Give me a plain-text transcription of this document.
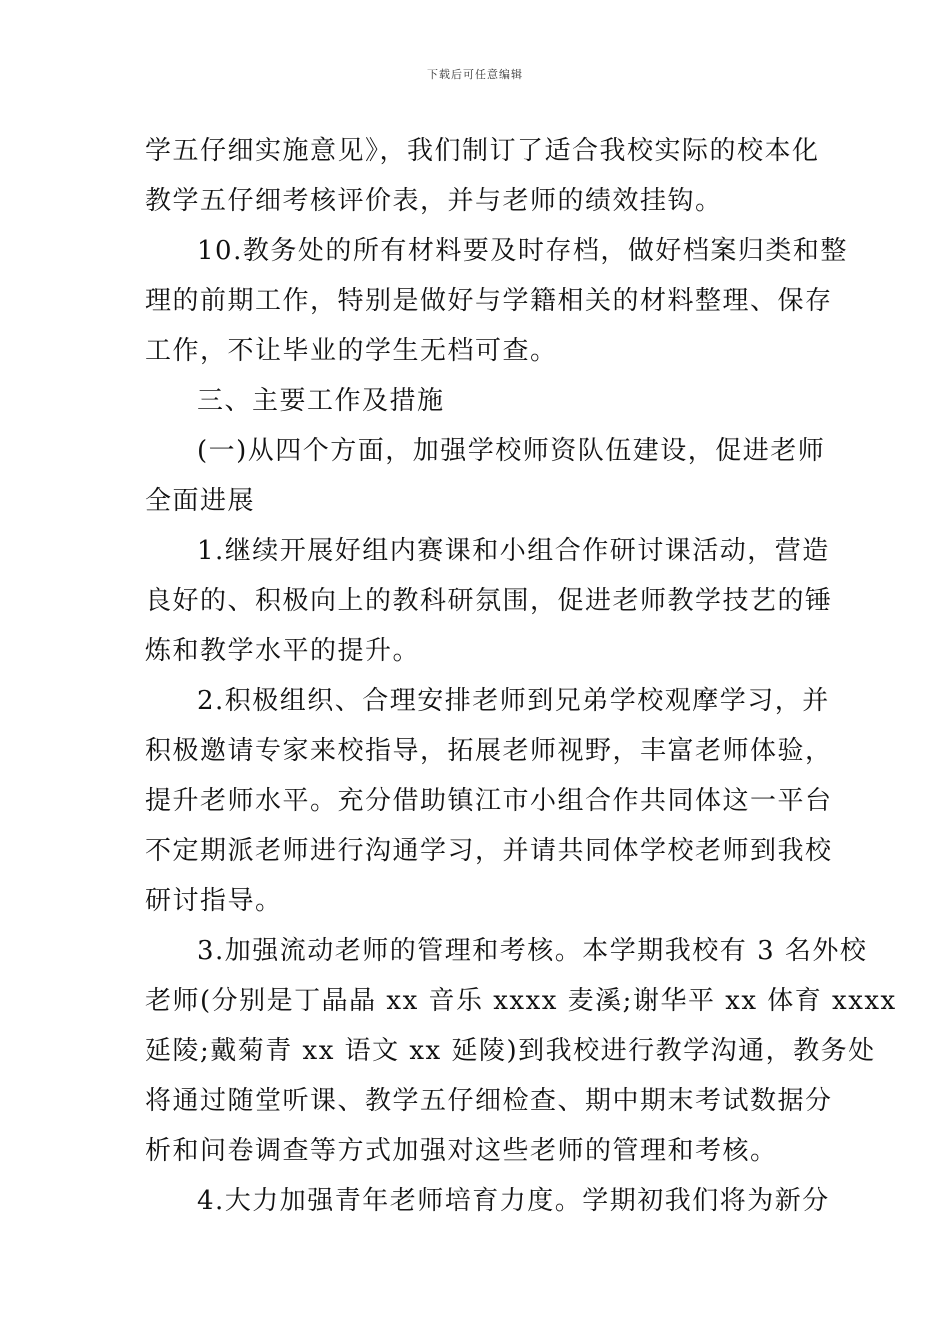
下载后可任意编辑
学五仔细实施意见》，我们制订了适合我校实际的校本化
教学五仔细考核评价表，并与老师的绩效挂钩。
10.教务处的所有材料要及时存档，做好档案归类和整
理的前期工作，特别是做好与学籍相关的材料整理、保存
工作，不让毕业的学生无档可查。
三、主要工作及措施
(一)从四个方面，加强学校师资队伍建设，促进老师
全面进展
1.继续开展好组内赛课和小组合作研讨课活动，营造
良好的、积极向上的教科研氛围，促进老师教学技艺的锤
炼和教学水平的提升。
2.积极组织、合理安排老师到兄弟学校观摩学习，并
积极邀请专家来校指导，拓展老师视野，丰富老师体验，
提升老师水平。充分借助镇江市小组合作共同体这一平台
不定期派老师进行沟通学习，并请共同体学校老师到我校
研讨指导。
3.加强流动老师的管理和考核。本学期我校有 3 名外校
老师(分别是丁晶晶 xx 音乐 xxxx 麦溪;谢华平 xx 体育 xxxx
延陵;戴菊青 xx 语文 xx 延陵)到我校进行教学沟通，教务处
将通过随堂听课、教学五仔细检查、期中期末考试数据分
析和问卷调查等方式加强对这些老师的管理和考核。
4.大力加强青年老师培育力度。学期初我们将为新分
